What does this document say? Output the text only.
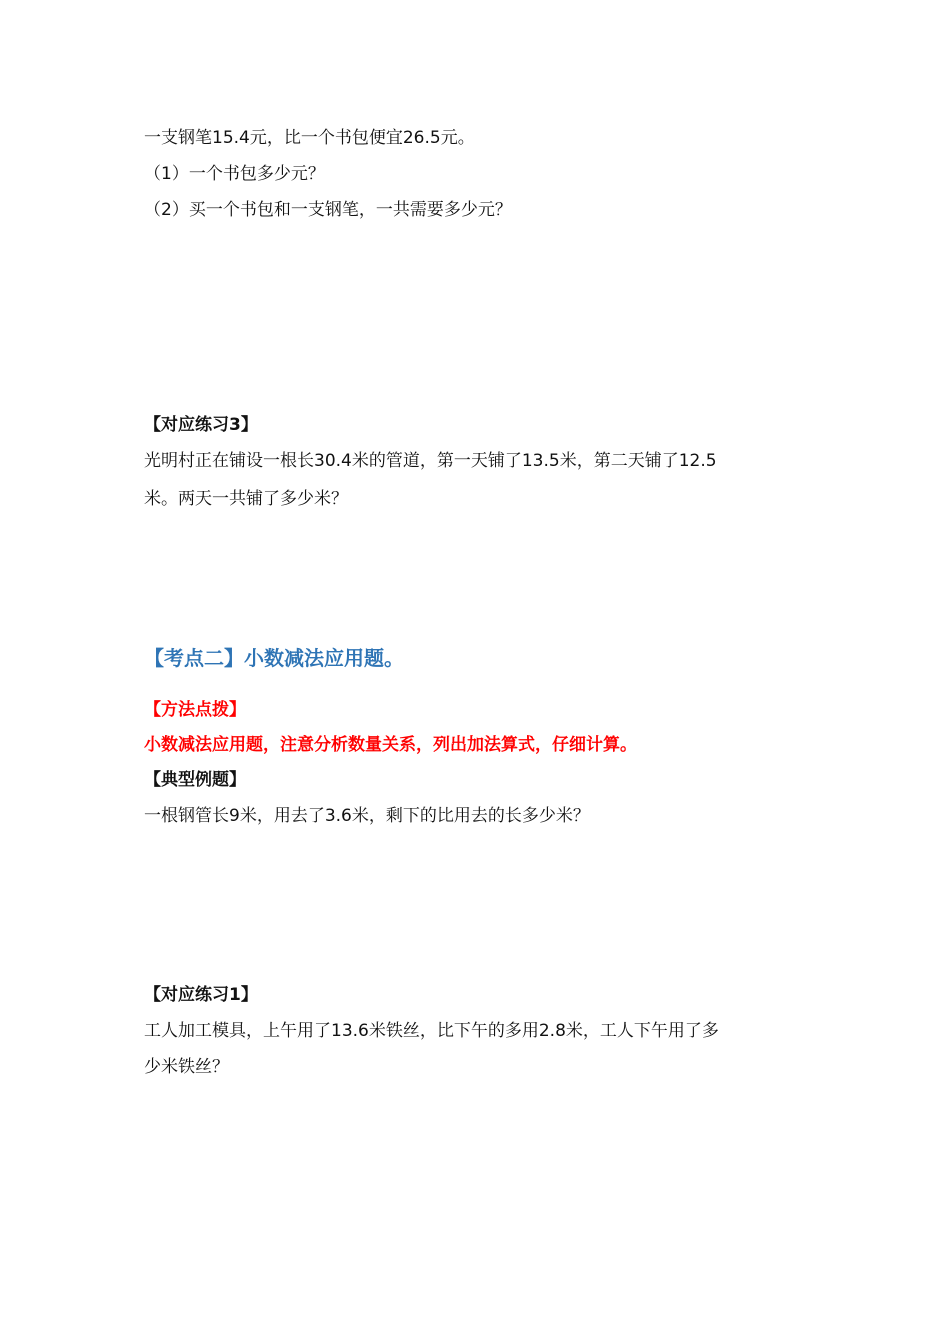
一支钢笔15.4元，比一个书包便宜26.5元。
（1）一个书包多少元？
（2）买一个书包和一支钢笔，一共需要多少元？
【对应练习3】
光明村正在铺设一根长30.4米的管道，第一天铺了13.5米，第二天铺了12.5
米。两天一共铺了多少米？
【考点二】小数减法应用题。
【方法点拨】
小数减法应用题，注意分析数量关系，列出加法算式，仔细计算。
【典型例题】
一根钢管长9米，用去了3.6米，剩下的比用去的长多少米？
【对应练习1】
工人加工模具，上午用了13.6米铁丝，比下午的多用2.8米，工人下午用了多
少米铁丝？
